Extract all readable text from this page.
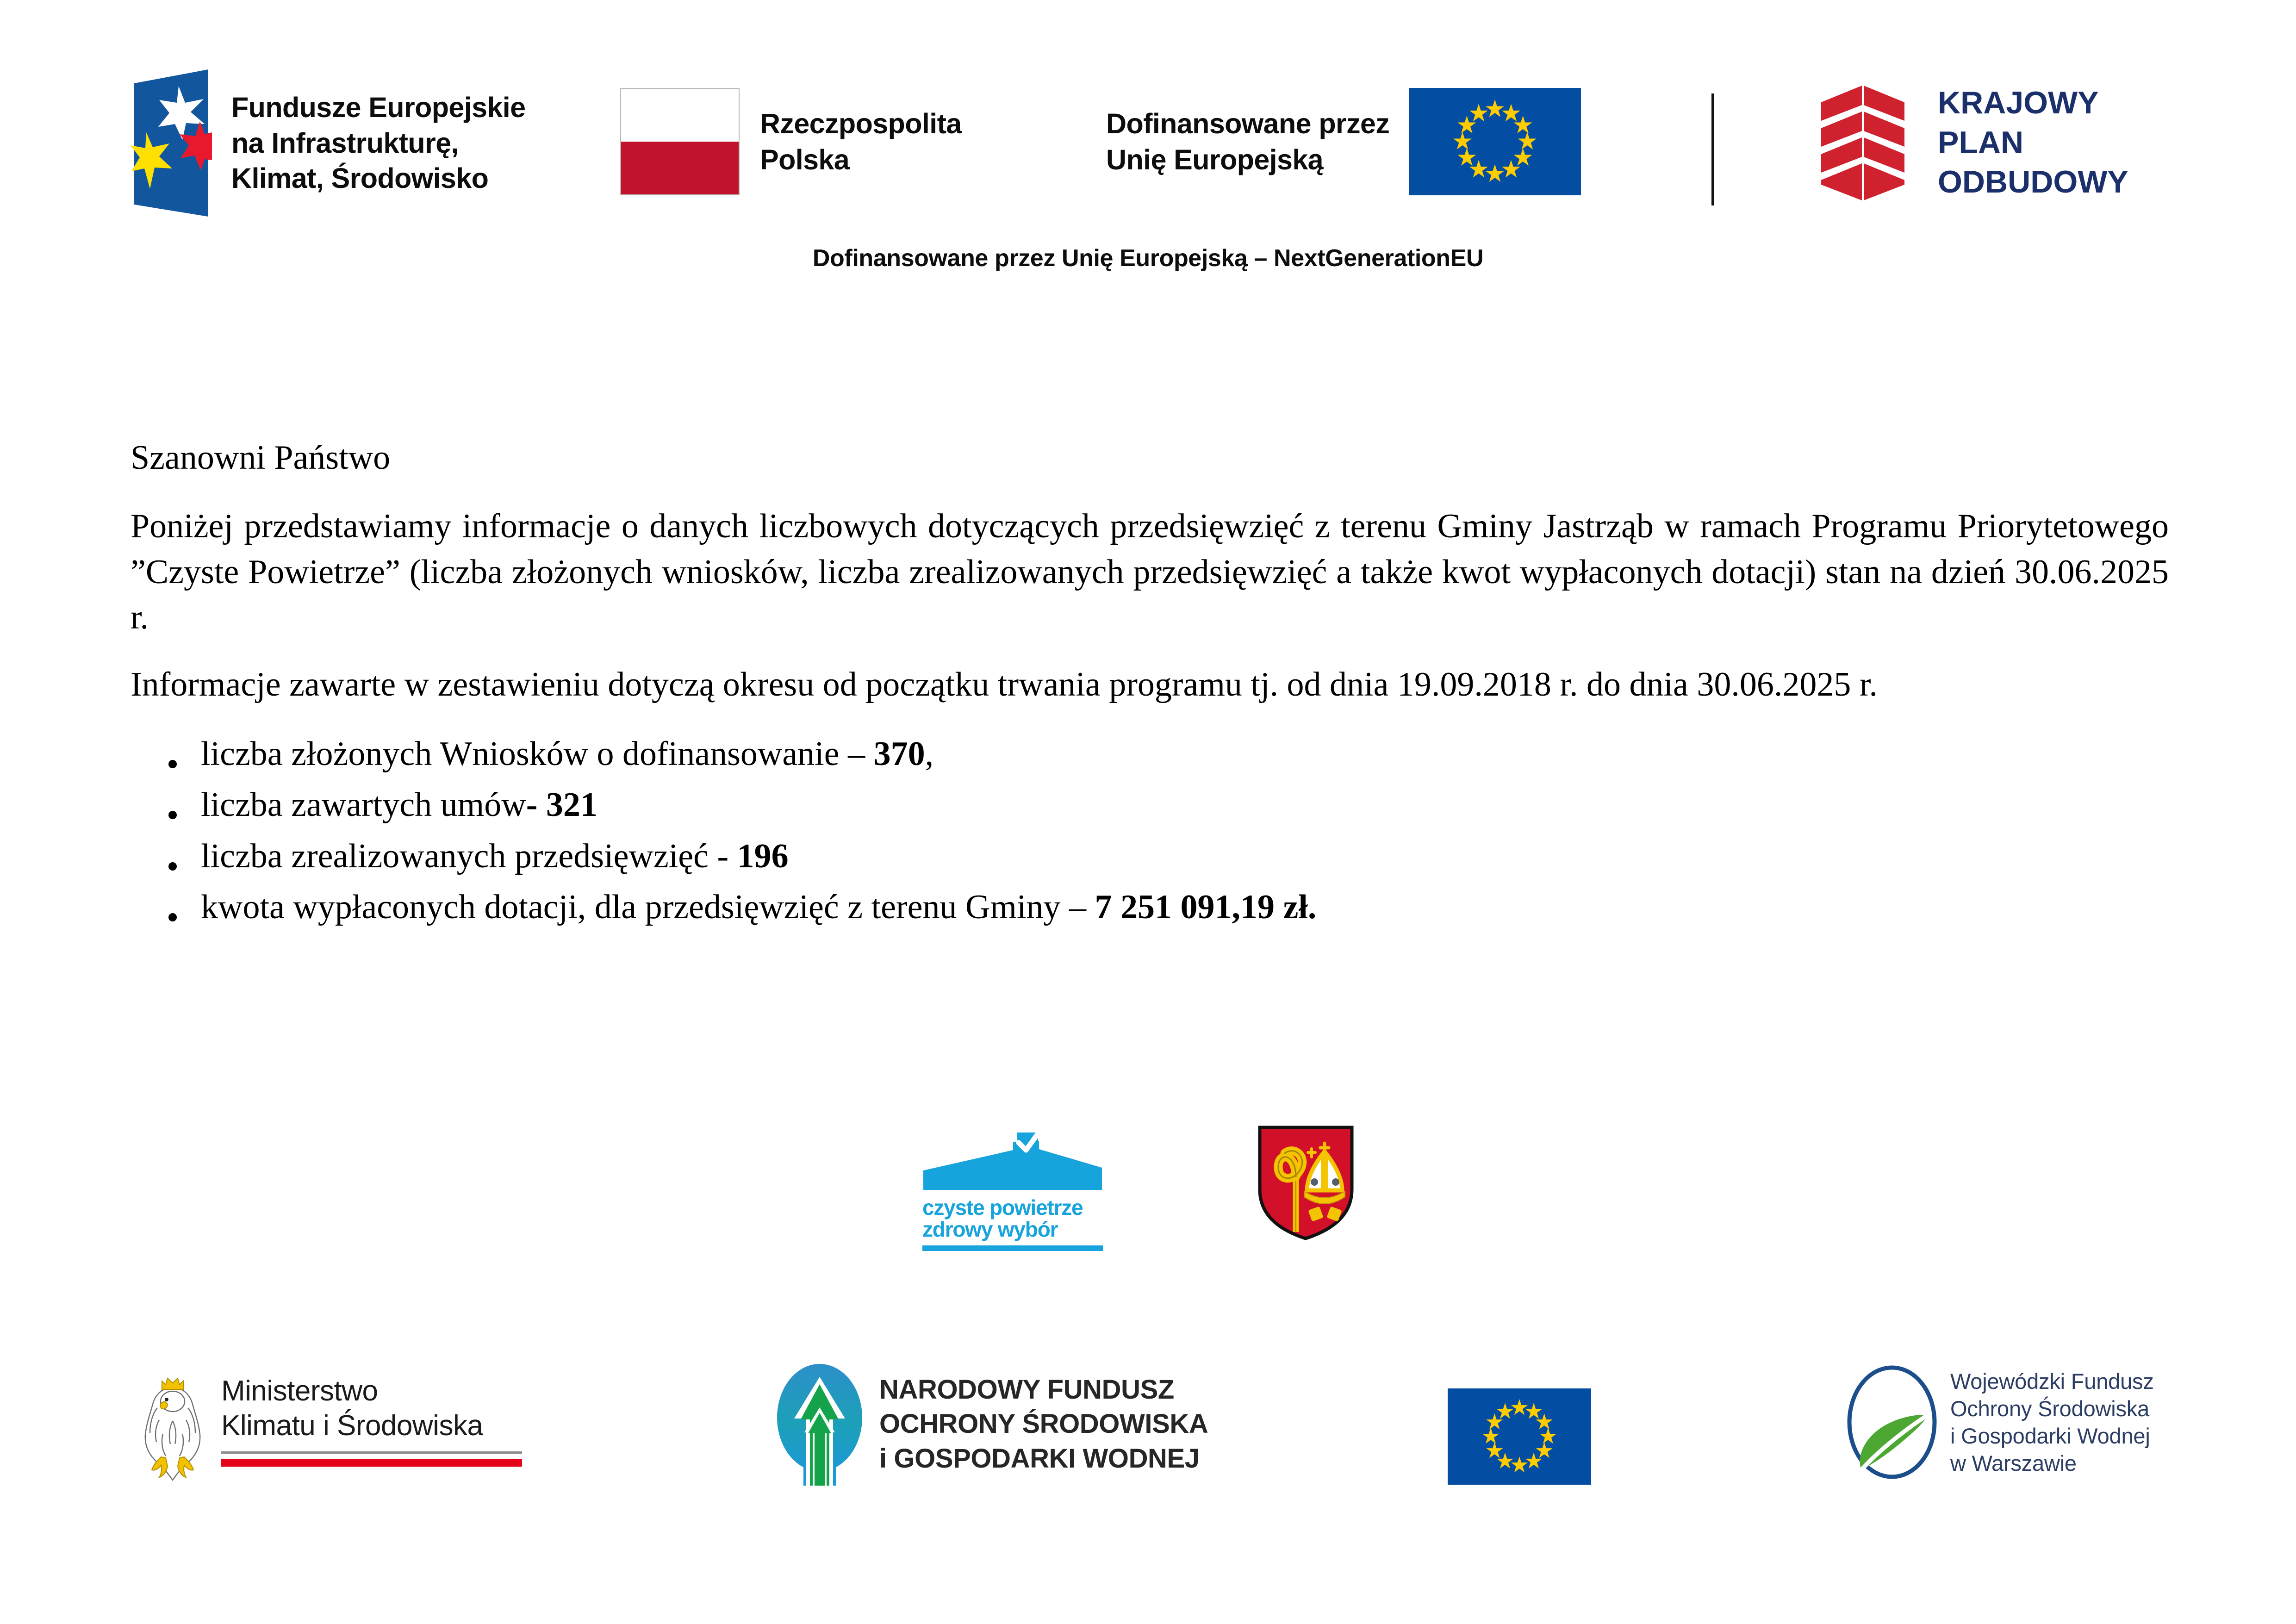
Fundusze Europejskie
na Infrastrukturę,
Klimat, Środowisko
Rzeczpospolita
Polska
Dofinansowane przez
Unię Europejską
KRAJOWY
PLAN
ODBUDOWY
Dofinansowane przez Unię Europejską – NextGenerationEU

Szanowni Państwo

Poniżej przedstawiamy informacje o danych liczbowych dotyczących przedsięwzięć z terenu Gminy Jastrząb w ramach Programu Priorytetowego ”Czyste Powietrze” (liczba złożonych wniosków, liczba zrealizowanych przedsięwzięć a także kwot wypłaconych dotacji) stan na dzień 30.06.2025 r.

Informacje zawarte w zestawieniu dotyczą okresu od początku trwania programu tj. od dnia 19.09.2018 r. do dnia 30.06.2025 r.

liczba złożonych Wniosków o dofinansowanie – 370,
liczba zawartych umów- 321
liczba zrealizowanych przedsięwzięć - 196
kwota wypłaconych dotacji, dla przedsięwzięć z terenu Gminy – 7 251 091,19 zł.
czyste powietrze
zdrowy wybór
Ministerstwo
Klimatu i Środowiska
NARODOWY FUNDUSZ
OCHRONY ŚRODOWISKA
i GOSPODARKI WODNEJ
Wojewódzki Fundusz
Ochrony Środowiska
i Gospodarki Wodnej
w Warszawie
